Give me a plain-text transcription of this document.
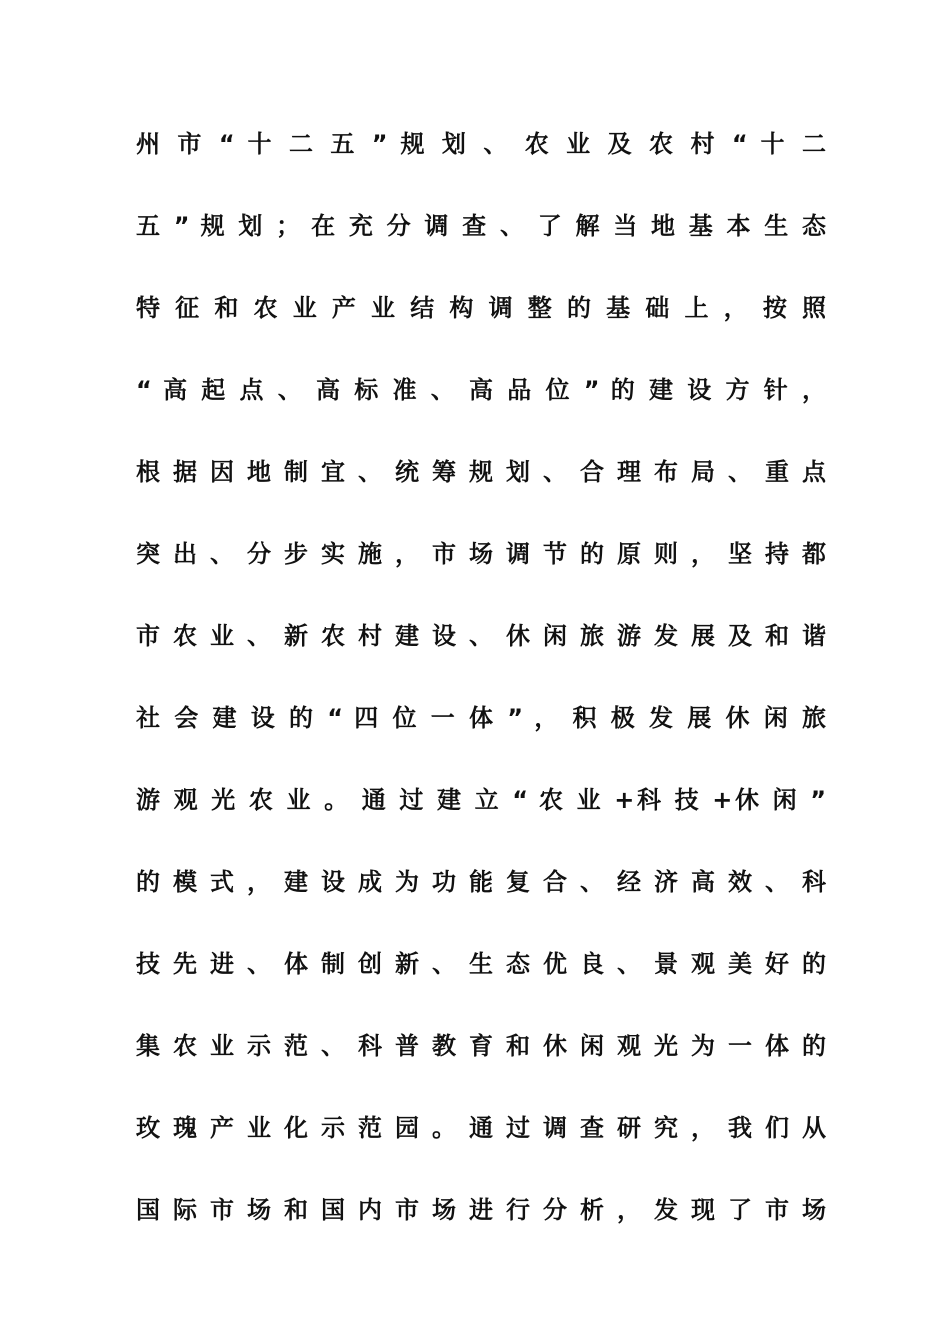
州 市 “ 十 二 五 ” 规 划 、 农 业 及 农 村 “ 十 二
五 ” 规 划 ； 在 充 分 调 查 、 了 解 当 地 基 本 生 态
特 征 和 农 业 产 业 结 构 调 整 的 基 础 上 ， 按 照
“ 高 起 点 、 高 标 准 、 高 品 位 ” 的 建 设 方 针 ，
根 据 因 地 制 宜 、 统 筹 规 划 、 合 理 布 局 、 重 点
突 出 、 分 步 实 施 ， 市 场 调 节 的 原 则 ， 坚 持 都
市 农 业 、 新 农 村 建 设 、 休 闲 旅 游 发 展 及 和 谐
社 会 建 设 的 “ 四 位 一 体 ” ， 积 极 发 展 休 闲 旅
游 观 光 农 业 。 通 过 建 立 “ 农 业 +科 技 +休 闲 ”
的 模 式 ， 建 设 成 为 功 能 复 合 、 经 济 高 效 、 科
技 先 进 、 体 制 创 新 、 生 态 优 良 、 景 观 美 好 的
集 农 业 示 范 、 科 普 教 育 和 休 闲 观 光 为 一 体 的
玫 瑰 产 业 化 示 范 园 。 通 过 调 查 研 究 ， 我 们 从
国 际 市 场 和 国 内 市 场 进 行 分 析 ， 发 现 了 市 场
